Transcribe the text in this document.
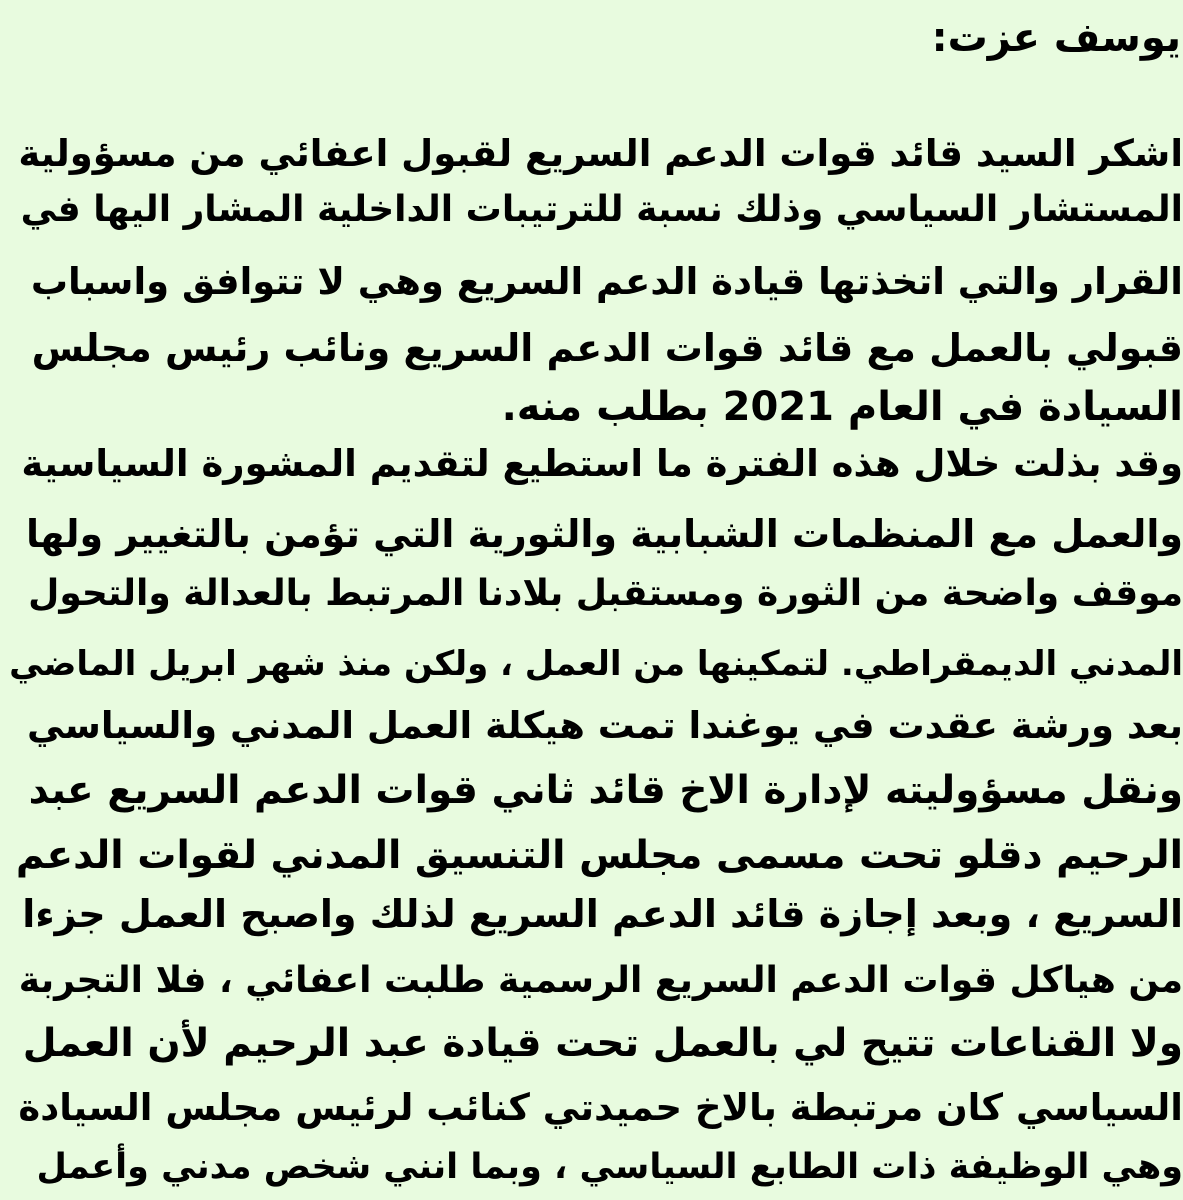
يوسف عزت:
اشكر السيد قائد قوات الدعم السريع لقبول اعفائي من مسؤولية
المستشار السياسي وذلك نسبة للترتيبات الداخلية المشار اليها في
القرار والتي اتخذتها قيادة الدعم السريع وهي لا تتوافق واسباب
قبولي بالعمل مع قائد قوات الدعم السريع ونائب رئيس مجلس
السيادة في العام 2021 بطلب منه.
وقد بذلت خلال هذه الفترة ما استطيع لتقديم المشورة السياسية
والعمل مع المنظمات الشبابية والثورية التي تؤمن بالتغيير ولها
موقف واضحة من الثورة ومستقبل بلادنا المرتبط بالعدالة والتحول
المدني الديمقراطي. لتمكينها من العمل ، ولكن منذ شهر ابريل الماضي
بعد ورشة عقدت في يوغندا تمت هيكلة العمل المدني والسياسي
ونقل مسؤوليته لإدارة الاخ قائد ثاني قوات الدعم السريع عبد
الرحيم دقلو تحت مسمى مجلس التنسيق المدني لقوات الدعم
السريع ، وبعد إجازة قائد الدعم السريع لذلك واصبح العمل جزءا
من هياكل قوات الدعم السريع الرسمية طلبت اعفائي ، فلا التجربة
ولا القناعات تتيح لي بالعمل تحت قيادة عبد الرحيم لأن العمل
السياسي كان مرتبطة بالاخ حميدتي كنائب لرئيس مجلس السيادة
وهي الوظيفة ذات الطابع السياسي ، وبما انني شخص مدني وأعمل
